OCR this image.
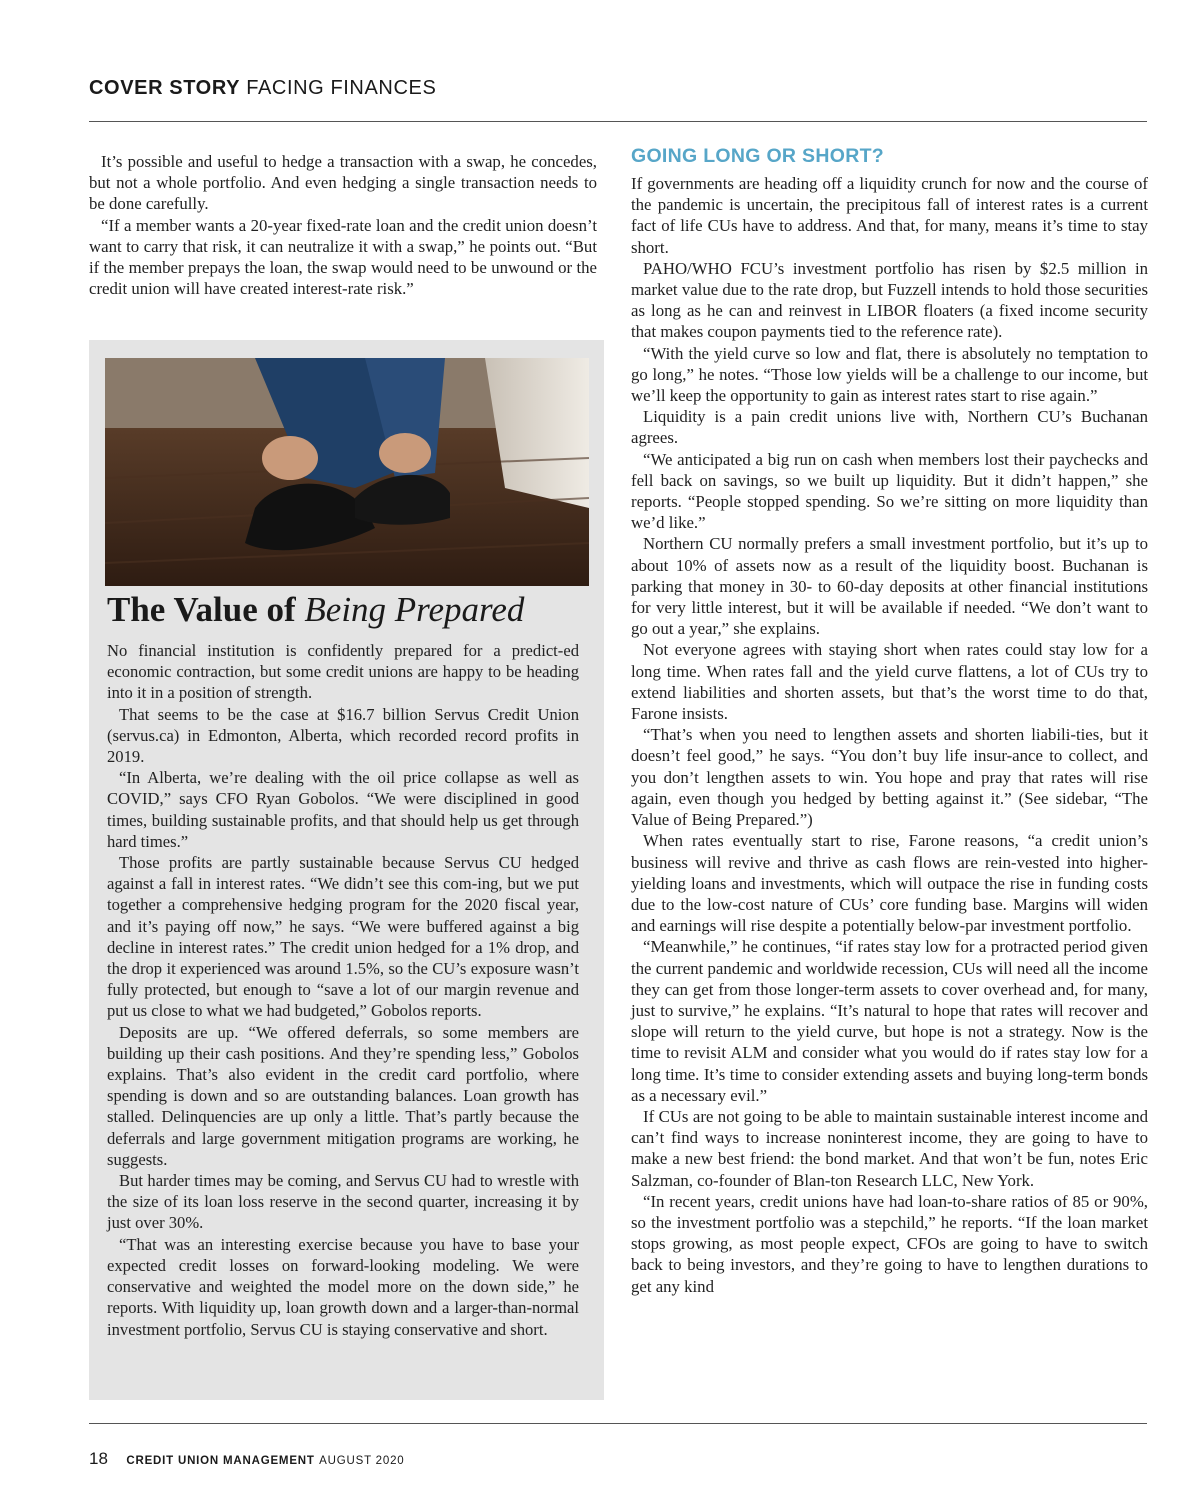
COVER STORY FACING FINANCES

It’s possible and useful to hedge a transaction with a swap, he concedes, but not a whole portfolio. And even hedging a single transaction needs to be done carefully.

“If a member wants a 20-year fixed-rate loan and the credit union doesn’t want to carry that risk, it can neutralize it with a swap,” he points out. “But if the member prepays the loan, the swap would need to be unwound or the credit union will have created interest-rate risk.”

The Value of Being Prepared

No financial institution is confidently prepared for a predict-ed economic contraction, but some credit unions are happy to be heading into it in a position of strength.

That seems to be the case at $16.7 billion Servus Credit Union (servus.ca) in Edmonton, Alberta, which recorded record profits in 2019.

“In Alberta, we’re dealing with the oil price collapse as well as COVID,” says CFO Ryan Gobolos. “We were disciplined in good times, building sustainable profits, and that should help us get through hard times.”

Those profits are partly sustainable because Servus CU hedged against a fall in interest rates. “We didn’t see this com-ing, but we put together a comprehensive hedging program for the 2020 fiscal year, and it’s paying off now,” he says. “We were buffered against a big decline in interest rates.” The credit union hedged for a 1% drop, and the drop it experienced was around 1.5%, so the CU’s exposure wasn’t fully protected, but enough to “save a lot of our margin revenue and put us close to what we had budgeted,” Gobolos reports.

Deposits are up. “We offered deferrals, so some members are building up their cash positions. And they’re spending less,” Gobolos explains. That’s also evident in the credit card portfolio, where spending is down and so are outstanding balances. Loan growth has stalled. Delinquencies are up only a little. That’s partly because the deferrals and large government mitigation programs are working, he suggests.

But harder times may be coming, and Servus CU had to wrestle with the size of its loan loss reserve in the second quarter, increasing it by just over 30%.

“That was an interesting exercise because you have to base your expected credit losses on forward-looking modeling. We were conservative and weighted the model more on the down side,” he reports. With liquidity up, loan growth down and a larger-than-normal investment portfolio, Servus CU is staying conservative and short.

GOING LONG OR SHORT?

If governments are heading off a liquidity crunch for now and the course of the pandemic is uncertain, the precipitous fall of interest rates is a current fact of life CUs have to address. And that, for many, means it’s time to stay short.

PAHO/WHO FCU’s investment portfolio has risen by $2.5 million in market value due to the rate drop, but Fuzzell intends to hold those securities as long as he can and reinvest in LIBOR floaters (a fixed income security that makes coupon payments tied to the reference rate).

“With the yield curve so low and flat, there is absolutely no temptation to go long,” he notes. “Those low yields will be a challenge to our income, but we’ll keep the opportunity to gain as interest rates start to rise again.”

Liquidity is a pain credit unions live with, Northern CU’s Buchanan agrees.

“We anticipated a big run on cash when members lost their paychecks and fell back on savings, so we built up liquidity. But it didn’t happen,” she reports. “People stopped spending. So we’re sitting on more liquidity than we’d like.”

Northern CU normally prefers a small investment portfolio, but it’s up to about 10% of assets now as a result of the liquidity boost. Buchanan is parking that money in 30- to 60-day deposits at other financial institutions for very little interest, but it will be available if needed. “We don’t want to go out a year,” she explains.

Not everyone agrees with staying short when rates could stay low for a long time. When rates fall and the yield curve flattens, a lot of CUs try to extend liabilities and shorten assets, but that’s the worst time to do that, Farone insists.

“That’s when you need to lengthen assets and shorten liabili-ties, but it doesn’t feel good,” he says. “You don’t buy life insur-ance to collect, and you don’t lengthen assets to win. You hope and pray that rates will rise again, even though you hedged by betting against it.” (See sidebar, “The Value of Being Prepared.”)

When rates eventually start to rise, Farone reasons, “a credit union’s business will revive and thrive as cash flows are rein-vested into higher-yielding loans and investments, which will outpace the rise in funding costs due to the low-cost nature of CUs’ core funding base. Margins will widen and earnings will rise despite a potentially below-par investment portfolio.

“Meanwhile,” he continues, “if rates stay low for a protracted period given the current pandemic and worldwide recession, CUs will need all the income they can get from those longer-term assets to cover overhead and, for many, just to survive,” he explains. “It’s natural to hope that rates will recover and slope will return to the yield curve, but hope is not a strategy. Now is the time to revisit ALM and consider what you would do if rates stay low for a long time. It’s time to consider extending assets and buying long-term bonds as a necessary evil.”

If CUs are not going to be able to maintain sustainable interest income and can’t find ways to increase noninterest income, they are going to have to make a new best friend: the bond market. And that won’t be fun, notes Eric Salzman, co-founder of Blan-ton Research LLC, New York.

“In recent years, credit unions have had loan-to-share ratios of 85 or 90%, so the investment portfolio was a stepchild,” he reports. “If the loan market stops growing, as most people expect, CFOs are going to have to switch back to being investors, and they’re going to have to lengthen durations to get any kind

18 CREDIT UNION MANAGEMENT AUGUST 2020
